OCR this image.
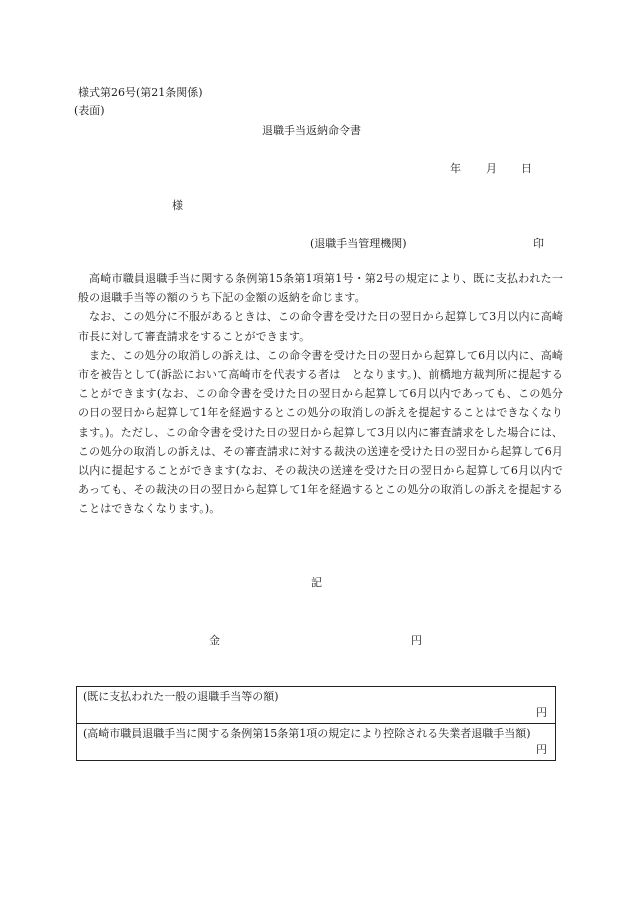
様式第26号(第21条関係)
(表面)
退職手当返納命令書
年 月 日
様
(退職手当管理機関)	印

高崎市職員退職手当に関する条例第15条第1項第1号・第2号の規定により、既に支払われた一般の退職手当等の額のうち下記の金額の返納を命じます。

なお、この処分に不服があるときは、この命令書を受けた日の翌日から起算して3月以内に高崎市長に対して審査請求をすることができます。

また、この処分の取消しの訴えは、この命令書を受けた日の翌日から起算して6月以内に、高崎市を被告として(訴訟において高崎市を代表する者は　となります。)、前橋地方裁判所に提起することができます(なお、この命令書を受けた日の翌日から起算して6月以内であっても、この処分の日の翌日から起算して1年を経過するとこの処分の取消しの訴えを提起することはできなくなります。)。ただし、この命令書を受けた日の翌日から起算して3月以内に審査請求をした場合には、この処分の取消しの訴えは、その審査請求に対する裁決の送達を受けた日の翌日から起算して6月以内に提起することができます(なお、その裁決の送達を受けた日の翌日から起算して6月以内であっても、その裁決の日の翌日から起算して1年を経過するとこの処分の取消しの訴えを提起することはできなくなります。)。

記
金	円
(既に支払われた一般の退職手当等の額)
円
(高崎市職員退職手当に関する条例第15条第1項の規定により控除される失業者退職手当額)
円
